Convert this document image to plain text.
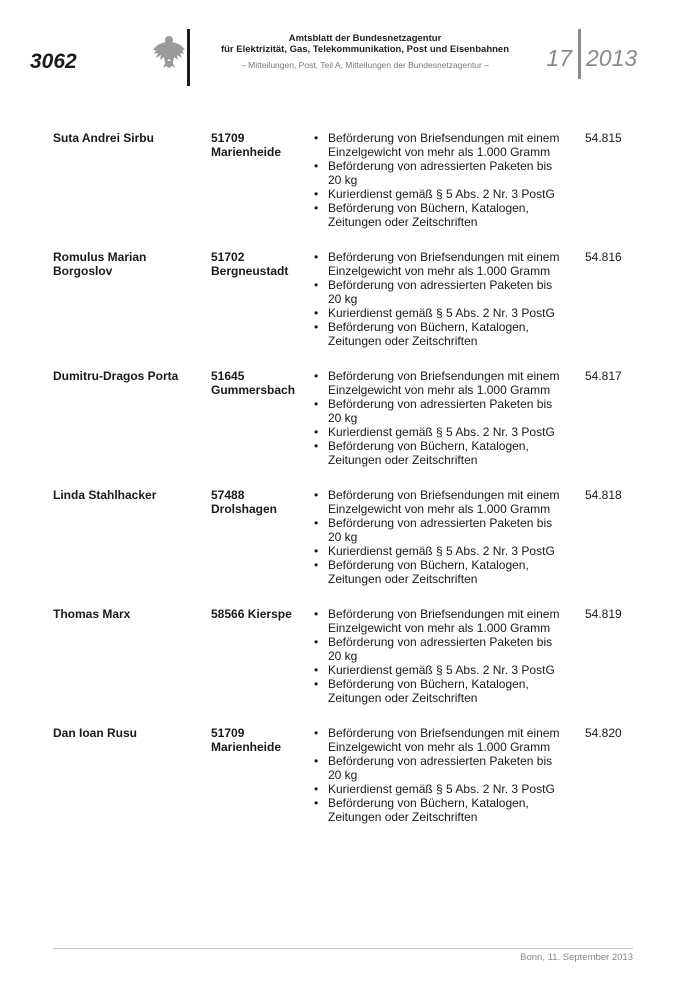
3062
Amtsblatt der Bundesnetzagentur
für Elektrizität, Gas, Telekommunikation, Post und Eisenbahnen
– Mitteilungen, Post, Teil A, Mitteilungen der Bundesnetzagentur –	17 2013
Suta Andrei Sirbu	51709 Marienheide
• Beförderung von Briefsendungen mit einem Einzelgewicht von mehr als 1.000 Gramm
• Beförderung von adressierten Paketen bis 20 kg
• Kurierdienst gemäß § 5 Abs. 2 Nr. 3 PostG
• Beförderung von Büchern, Katalogen, Zeitungen oder Zeitschriften
54.815
Romulus Marian Borgoslov
51702 Bergneustadt
• Beförderung von Briefsendungen mit einem Einzelgewicht von mehr als 1.000 Gramm
• Beförderung von adressierten Paketen bis 20 kg
• Kurierdienst gemäß § 5 Abs. 2 Nr. 3 PostG
• Beförderung von Büchern, Katalogen, Zeitungen oder Zeitschriften
54.816
Dumitru-Dragos Porta	51645 Gummersbach
• Beförderung von Briefsendungen mit einem Einzelgewicht von mehr als 1.000 Gramm
• Beförderung von adressierten Paketen bis 20 kg
• Kurierdienst gemäß § 5 Abs. 2 Nr. 3 PostG
• Beförderung von Büchern, Katalogen, Zeitungen oder Zeitschriften
54.817
Linda Stahlhacker	57488 Drolshagen
• Beförderung von Briefsendungen mit einem Einzelgewicht von mehr als 1.000 Gramm
• Beförderung von adressierten Paketen bis 20 kg
• Kurierdienst gemäß § 5 Abs. 2 Nr. 3 PostG
• Beförderung von Büchern, Katalogen, Zeitungen oder Zeitschriften
54.818
Thomas Marx	58566 Kierspe
•	Beförderung von Briefsendungen mit einem Einzelgewicht von mehr als 1.000 Gramm
• Beförderung von adressierten Paketen bis 20 kg
• Kurierdienst gemäß § 5 Abs. 2 Nr. 3 PostG
• Beförderung von Büchern, Katalogen, Zeitungen oder Zeitschriften
54.819
Dan Ioan Rusu	51709 Marienheide
• Beförderung von Briefsendungen mit einem Einzelgewicht von mehr als 1.000 Gramm
• Beförderung von adressierten Paketen bis 20 kg
• Kurierdienst gemäß § 5 Abs. 2 Nr. 3 PostG
• Beförderung von Büchern, Katalogen, Zeitungen oder Zeitschriften
54.820
Bonn, 11. September 2013
